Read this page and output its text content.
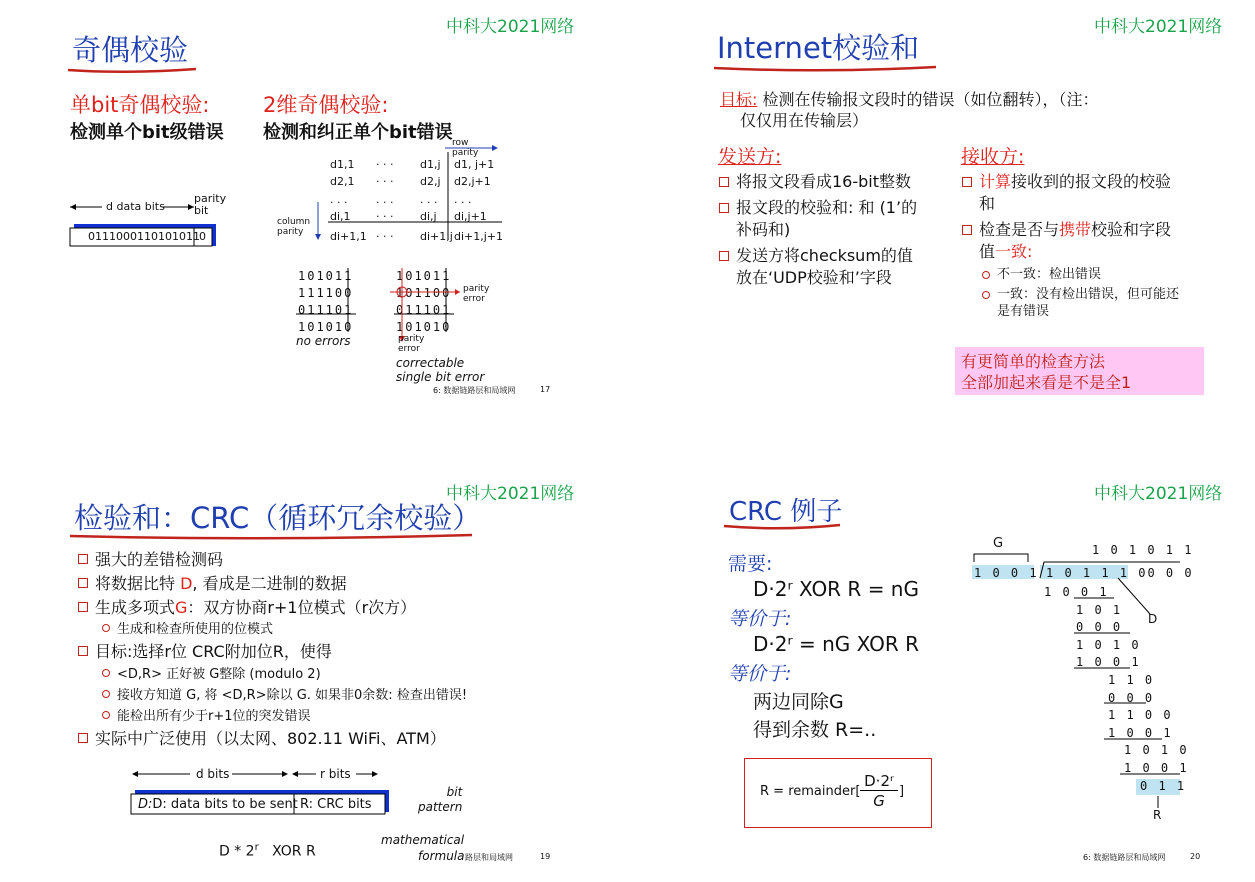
中科大2021网络
奇偶校验
单bit奇偶校验:	2维奇偶校验:
检测单个bit级错误 检测和纠正单个bit错误
d data bits
parity
bit
0111000110101011 0
row
parity
column
parity
d1,1 · · · d1,j d1, j+1
d2,1 · · · d2,j d2,j+1
. . .	. . . . . . . . .
di,1 · · · di,j di,j+1
di+1,1 · · · di+1,j di+1,j+1
101011
111100
011101
101010
101011
101100
011101
101010
parity
error
parity
error
no errors
correctable
single bit error
6: 数据链路层和局域网	17
中科大2021网络
Internet校验和
目标: 检测在传输报文段时的错误（如位翻转），（注：
仅仅用在传输层）
发送方:	接收方:
将报文段看成16-bit整数
报文段的校验和: 和 (1’的补码和)
发送方将checksum的值放在‘UDP校验和’字段
计算接收到的报文段的校验和
检查是否与携带校验和字段值一致:
不一致：检出错误
一致：没有检出错误，但可能还是有错误
有更简单的检查方法
全部加起来看是不是全1
中科大2021网络
检验和：CRC（循环冗余校验）
强大的差错检测码
将数据比特 D, 看成是二进制的数据
生成多项式G：双方协商r+1位模式（r次方）
生成和检查所使用的位模式
目标:选择r位 CRC附加位R，使得
<D,R> 正好被 G整除 (modulo 2)
接收方知道 G, 将 <D,R>除以 G. 如果非0余数: 检查出错误!
能检出所有少于r+1位的突发错误
实际中广泛使用（以太网、802.11 WiFi、ATM）
d bits	r bits
D:D: data bits to be sent R: CRC bits
bit
pattern
D * 2$^r$ XOR R
mathematical
formula 路层和局域网	19
中科大2021网络
CRC 例子
需要:
D·2ʳ XOR R = nG
等价于:
D·2ʳ = nG XOR R
等价于:
两边同除G
得到余数 R=..
R = remainder[
D·2ʳ
G
]
G	1 0 1 0 1 1
1 0 0 1 1 0 1 1 1 00 0 0
D
1 0 0 1
1 0 1
0 0 0
1 0 1 0
1 0 0 1
1 1 0
0 0 0
1 1 0 0
1 0 0 1
1 0 1 0
1 0 0 1
0 1 1
R
6: 数据链路层和局域网	20
